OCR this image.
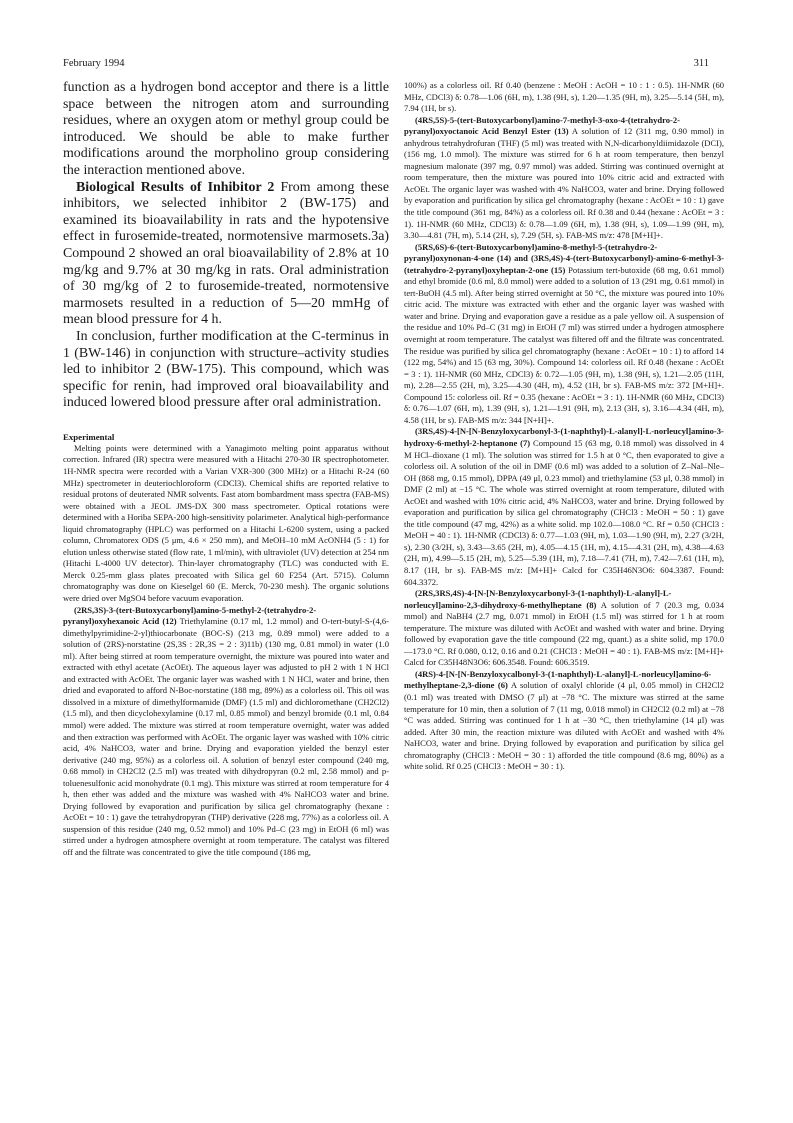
February 1994	311

function as a hydrogen bond acceptor and there is a little space between the nitrogen atom and surrounding residues, where an oxygen atom or methyl group could be introduced. We should be able to make further modifications around the morpholino group considering the interaction mentioned above.

Biological Results of Inhibitor 2 From among these inhibitors, we selected inhibitor 2 (BW-175) and examined its bioavailability in rats and the hypotensive effect in furosemide-treated, normotensive marmosets.3a) Compound 2 showed an oral bioavailability of 2.8% at 10 mg/kg and 9.7% at 30 mg/kg in rats. Oral administration of 30 mg/kg of 2 to furosemide-treated, normotensive marmosets resulted in a reduction of 5—20 mmHg of mean blood pressure for 4 h.

In conclusion, further modification at the C-terminus in 1 (BW-146) in conjunction with structure–activity studies led to inhibitor 2 (BW-175). This compound, which was specific for renin, had improved oral bioavailability and induced lowered blood pressure after oral administration.

Experimental

Melting points were determined with a Yanagimoto melting point apparatus without correction. Infrared (IR) spectra were measured with a Hitachi 270-30 IR spectrophotometer. 1H-NMR spectra were recorded with a Varian VXR-300 (300 MHz) or a Hitachi R-24 (60 MHz) spectrometer in deuteriochloroform (CDCl3). Chemical shifts are reported relative to residual protons of deuterated NMR solvents. Fast atom bombardment mass spectra (FAB-MS) were obtained with a JEOL JMS-DX 300 mass spectrometer. Optical rotations were determined with a Horiba SEPA-200 high-sensitivity polarimeter. Analytical high-performance liquid chromatography (HPLC) was performed on a Hitachi L-6200 system, using a packed column, Chromatorex ODS (5 μm, 4.6 × 250 mm), and MeOH–10 mM AcONH4 (5 : 1) for elution unless otherwise stated (flow rate, 1 ml/min), with ultraviolet (UV) detection at 254 nm (Hitachi L-4000 UV detector). Thin-layer chromatography (TLC) was conducted with E. Merck 0.25-mm glass plates precoated with Silica gel 60 F254 (Art. 5715). Column chromatography was done on Kieselgel 60 (E. Merck, 70-230 mesh). The organic solutions were dried over MgSO4 before vacuum evaporation.

(2RS,3S)-3-(tert-Butoxycarbonyl)amino-5-methyl-2-(tetrahydro-2-pyranyl)oxyhexanoic Acid (12) Triethylamine (0.17 ml, 1.2 mmol) and O-tert-butyl-S-(4,6-dimethylpyrimidine-2-yl)thiocarbonate (BOC-S) (213 mg, 0.89 mmol) were added to a solution of (2RS)-norstatine (2S,3S : 2R,3S = 2 : 3)11b) (130 mg, 0.81 mmol) in water (1.0 ml). After being stirred at room temperature overnight, the mixture was poured into water and extracted with ethyl acetate (AcOEt). The aqueous layer was adjusted to pH 2 with 1 N HCl and extracted with AcOEt. The organic layer was washed with 1 N HCl, water and brine, then dried and evaporated to afford N-Boc-norstatine (188 mg, 89%) as a colorless oil. This oil was dissolved in a mixture of dimethylformamide (DMF) (1.5 ml) and dichloromethane (CH2Cl2) (1.5 ml), and then dicyclohexylamine (0.17 ml, 0.85 mmol) and benzyl bromide (0.1 ml, 0.84 mmol) were added. The mixture was stirred at room temperature overnight, water was added and then extraction was performed with AcOEt. The organic layer was washed with 10% citric acid, 4% NaHCO3, water and brine. Drying and evaporation yielded the benzyl ester derivative (240 mg, 95%) as a colorless oil. A solution of benzyl ester compound (240 mg, 0.68 mmol) in CH2Cl2 (2.5 ml) was treated with dihydropyran (0.2 ml, 2.58 mmol) and p-toluenesulfonic acid monohydrate (0.1 mg). This mixture was stirred at room temperature for 4 h, then ether was added and the mixture was washed with 4% NaHCO3 water and brine. Drying followed by evaporation and purification by silica gel chromatography (hexane : AcOEt = 10 : 1) gave the tetrahydropyran (THP) derivative (228 mg, 77%) as a colorless oil. A suspension of this residue (240 mg, 0.52 mmol) and 10% Pd–C (23 mg) in EtOH (6 ml) was stirred under a hydrogen atmosphere overnight at room temperature. The catalyst was filtered off and the filtrate was concentrated to give the title compound (186 mg,

100%) as a colorless oil. Rf 0.40 (benzene : MeOH : AcOH = 10 : 1 : 0.5). 1H-NMR (60 MHz, CDCl3) δ: 0.78—1.06 (6H, m), 1.38 (9H, s), 1.20—1.35 (9H, m), 3.25—5.14 (5H, m), 7.94 (1H, br s).

(4RS,5S)-5-(tert-Butoxycarbonyl)amino-7-methyl-3-oxo-4-(tetrahydro-2-pyranyl)oxyoctanoic Acid Benzyl Ester (13) A solution of 12 (311 mg, 0.90 mmol) in anhydrous tetrahydrofuran (THF) (5 ml) was treated with N,N-dicarbonyldiimidazole (DCI), (156 mg, 1.0 mmol). The mixture was stirred for 6 h at room temperature, then benzyl magnesium malonate (397 mg, 0.97 mmol) was added. Stirring was continued overnight at room temperature, then the mixture was poured into 10% citric acid and extracted with AcOEt. The organic layer was washed with 4% NaHCO3, water and brine. Drying followed by evaporation and purification by silica gel chromatography (hexane : AcOEt = 10 : 1) gave the title compound (361 mg, 84%) as a colorless oil. Rf 0.38 and 0.44 (hexane : AcOEt = 3 : 1). 1H-NMR (60 MHz, CDCl3) δ: 0.78—1.09 (6H, m), 1.38 (9H, s), 1.09—1.99 (9H, m), 3.30—4.81 (7H, m), 5.14 (2H, s), 7.29 (5H, s). FAB-MS m/z: 478 [M+H]+.

(5RS,6S)-6-(tert-Butoxycarbonyl)amino-8-methyl-5-(tetrahydro-2-pyranyl)oxynonan-4-one (14) and (3RS,4S)-4-(tert-Butoxycarbonyl)-amino-6-methyl-3-(tetrahydro-2-pyranyl)oxyheptan-2-one (15) Potassium tert-butoxide (68 mg, 0.61 mmol) and ethyl bromide (0.6 ml, 8.0 mmol) were added to a solution of 13 (291 mg, 0.61 mmol) in tert-BuOH (4.5 ml). After being stirred overnight at 50 °C, the mixture was poured into 10% citric acid. The mixture was extracted with ether and the organic layer was washed with water and brine. Drying and evaporation gave a residue as a pale yellow oil. A suspension of the residue and 10% Pd–C (31 mg) in EtOH (7 ml) was stirred under a hydrogen atmosphere overnight at room temperature. The catalyst was filtered off and the filtrate was concentrated. The residue was purified by silica gel chromatography (hexane : AcOEt = 10 : 1) to afford 14 (122 mg, 54%) and 15 (63 mg, 30%). Compound 14: colorless oil. Rf 0.48 (hexane : AcOEt = 3 : 1). 1H-NMR (60 MHz, CDCl3) δ: 0.72—1.05 (9H, m), 1.38 (9H, s), 1.21—2.05 (11H, m), 2.28—2.55 (2H, m), 3.25—4.30 (4H, m), 4.52 (1H, br s). FAB-MS m/z: 372 [M+H]+. Compound 15: colorless oil. Rf = 0.35 (hexane : AcOEt = 3 : 1). 1H-NMR (60 MHz, CDCl3) δ: 0.76—1.07 (6H, m), 1.39 (9H, s), 1.21—1.91 (9H, m), 2.13 (3H, s), 3.16—4.34 (4H, m), 4.58 (1H, br s). FAB-MS m/z: 344 [N+H]+.

(3RS,4S)-4-[N-[N-Benzyloxycarbonyl-3-(1-naphthyl)-L-alanyl]-L-norleucyl]amino-3-hydroxy-6-methyl-2-heptanone (7) Compound 15 (63 mg, 0.18 mmol) was dissolved in 4 M HCl–dioxane (1 ml). The solution was stirred for 1.5 h at 0 °C, then evaporated to give a colorless oil. A solution of the oil in DMF (0.6 ml) was added to a solution of Z–Nal–Nle–OH (868 mg, 0.15 mmol), DPPA (49 μl, 0.23 mmol) and triethylamine (53 μl, 0.38 mmol) in DMF (2 ml) at −15 °C. The whole was stirred overnight at room temperature, diluted with AcOEt and washed with 10% citric acid, 4% NaHCO3, water and brine. Drying followed by evaporation and purification by silica gel chromatography (CHCl3 : MeOH = 50 : 1) gave the title compound (47 mg, 42%) as a white solid. mp 102.0—108.0 °C. Rf = 0.50 (CHCl3 : MeOH = 40 : 1). 1H-NMR (CDCl3) δ: 0.77—1.03 (9H, m), 1.03—1.90 (9H, m), 2.27 (3/2H, s), 2.30 (3/2H, s), 3.43—3.65 (2H, m), 4.05—4.15 (1H, m), 4.15—4.31 (2H, m), 4.38—4.63 (2H, m), 4.99—5.15 (2H, m), 5.25—5.39 (1H, m), 7.18—7.41 (7H, m), 7.42—7.61 (1H, m), 8.17 (1H, br s). FAB-MS m/z: [M+H]+ Calcd for C35H46N3O6: 604.3387. Found: 604.3372.

(2RS,3RS,4S)-4-[N-[N-Benzyloxycarbonyl-3-(1-naphthyl)-L-alanyl]-L-norleucyl]amino-2,3-dihydroxy-6-methylheptane (8) A solution of 7 (20.3 mg, 0.034 mmol) and NaBH4 (2.7 mg, 0.071 mmol) in EtOH (1.5 ml) was stirred for 1 h at room temperature. The mixture was diluted with AcOEt and washed with water and brine. Drying followed by evaporation gave the title compound (22 mg, quant.) as a shite solid, mp 170.0—173.0 °C. Rf 0.080, 0.12, 0.16 and 0.21 (CHCl3 : MeOH = 40 : 1). FAB-MS m/z: [M+H]+ Calcd for C35H48N3O6: 606.3548. Found: 606.3519.

(4RS)-4-[N-[N-Benzyloxycalbonyl-3-(1-naphthyl)-L-alanyl]-L-norleucyl]amino-6-methylheptane-2,3-dione (6) A solution of oxalyl chloride (4 μl, 0.05 mmol) in CH2Cl2 (0.1 ml) was treated with DMSO (7 μl) at −78 °C. The mixture was stirred at the same temperature for 10 min, then a solution of 7 (11 mg, 0.018 mmol) in CH2Cl2 (0.2 ml) at −78 °C was added. Stirring was continued for 1 h at −30 °C, then triethylamine (14 μl) was added. After 30 min, the reaction mixture was diluted with AcOEt and washed with 4% NaHCO3, water and brine. Drying followed by evaporation and purification by silica gel chromatography (CHCl3 : MeOH = 30 : 1) afforded the title compound (8.6 mg, 80%) as a white solid. Rf 0.25 (CHCl3 : MeOH = 30 : 1).
